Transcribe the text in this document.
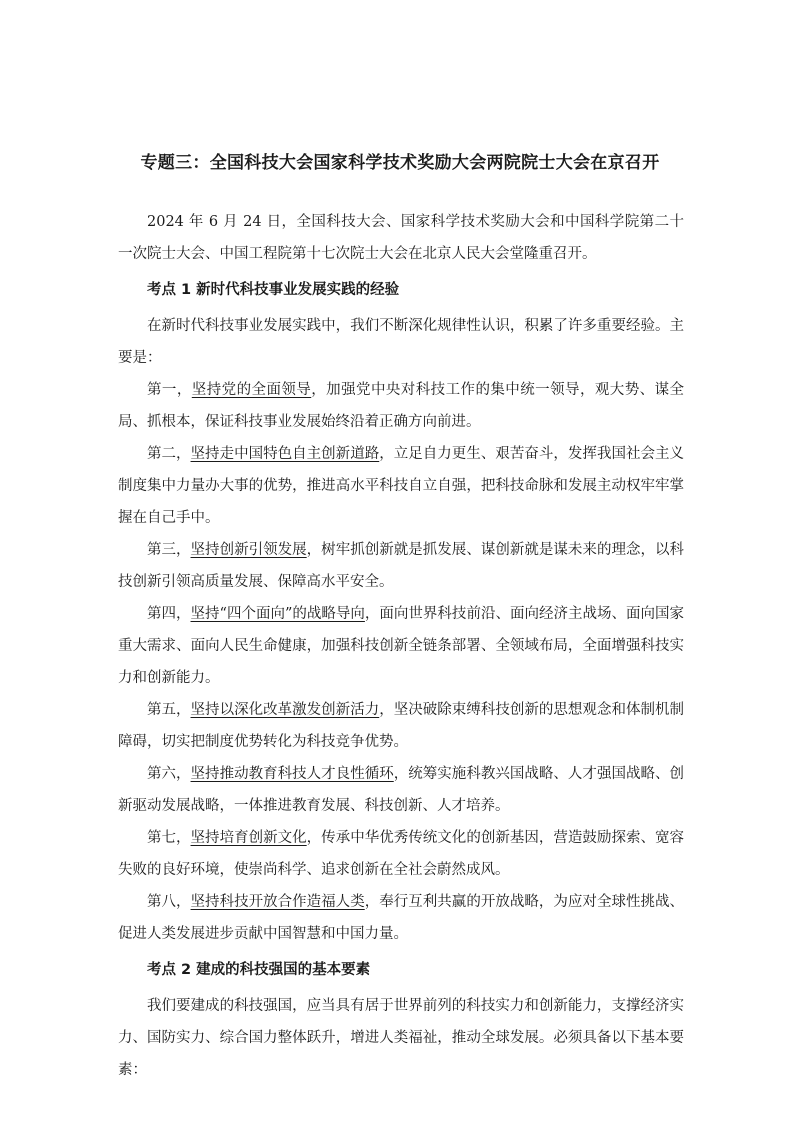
专题三：全国科技大会国家科学技术奖励大会两院院士大会在京召开

2024 年 6 月 24 日，全国科技大会、国家科学技术奖励大会和中国科学院第二十一次院士大会、中国工程院第十七次院士大会在北京人民大会堂隆重召开。

考点 1 新时代科技事业发展实践的经验

在新时代科技事业发展实践中，我们不断深化规律性认识，积累了许多重要经验。主要是：

第一，坚持党的全面领导，加强党中央对科技工作的集中统一领导，观大势、谋全局、抓根本，保证科技事业发展始终沿着正确方向前进。

第二，坚持走中国特色自主创新道路，立足自力更生、艰苦奋斗，发挥我国社会主义制度集中力量办大事的优势，推进高水平科技自立自强，把科技命脉和发展主动权牢牢掌握在自己手中。

第三，坚持创新引领发展，树牢抓创新就是抓发展、谋创新就是谋未来的理念，以科技创新引领高质量发展、保障高水平安全。

第四，坚持“四个面向”的战略导向，面向世界科技前沿、面向经济主战场、面向国家重大需求、面向人民生命健康，加强科技创新全链条部署、全领域布局，全面增强科技实力和创新能力。

第五，坚持以深化改革激发创新活力，坚决破除束缚科技创新的思想观念和体制机制障碍，切实把制度优势转化为科技竞争优势。

第六，坚持推动教育科技人才良性循环，统筹实施科教兴国战略、人才强国战略、创新驱动发展战略，一体推进教育发展、科技创新、人才培养。

第七，坚持培育创新文化，传承中华优秀传统文化的创新基因，营造鼓励探索、宽容失败的良好环境，使崇尚科学、追求创新在全社会蔚然成风。

第八，坚持科技开放合作造福人类，奉行互利共赢的开放战略，为应对全球性挑战、促进人类发展进步贡献中国智慧和中国力量。

考点 2 建成的科技强国的基本要素

我们要建成的科技强国，应当具有居于世界前列的科技实力和创新能力，支撑经济实力、国防实力、综合国力整体跃升，增进人类福祉，推动全球发展。必须具备以下基本要素：
